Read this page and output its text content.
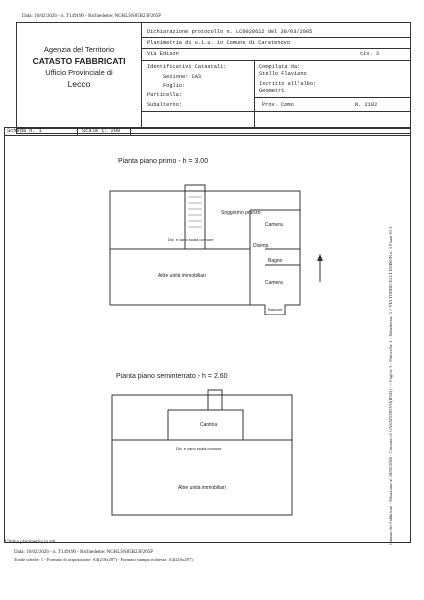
Data: 10/02/2026 - n. T149190 - Richiedente: NGRLSN85B23F205P
Agenzia del Territorio
CATASTO FABBRICATI
Ufficio Provinciale di
Lecco
Dichiarazione protocollo n. LC0028612 del 30/03/2005
Planimetria di u.i.u. in Comune di Caratenovo
Via Edison	civ. 3
Identificativi Catastali:
Sezione: CAS
Foglio:
Particella:
Subalterno:
Compilata da:
Stello Flaviano
Iscritto all'albo:
Geometri
Prov. Como	N. 2182
Scheda n. 1	Scala 1: 200
Pianta piano primo - h = 3.00
Soggiorno pranzo
Camera
Disimp.
Bagno
Camera
Altre unità immobiliari
Div. e vano scala comune
Balcone
Pianta piano seminterrato - h = 2.60
Cantina
Div. e vano scala comune
Altre unità immobiliari	Catasto dei Fabbricati - Situazione al 10/02/2026 - Comune di CASATENOVO(B943) - < Foglio: 3 - Particella: 1 - Subalterno: 3 > VIA TORRICELLI EDISON n. 3 Piano S1-1
Ultima planimetria in atti
Data: 10/02/2026 - n. T149190 - Richiedente: NGRLSN85B23F205P
Totale schede: 1 - Formato di acquisizione: A4(210x297) - Formato stampa richiesto: A4(210x297)
